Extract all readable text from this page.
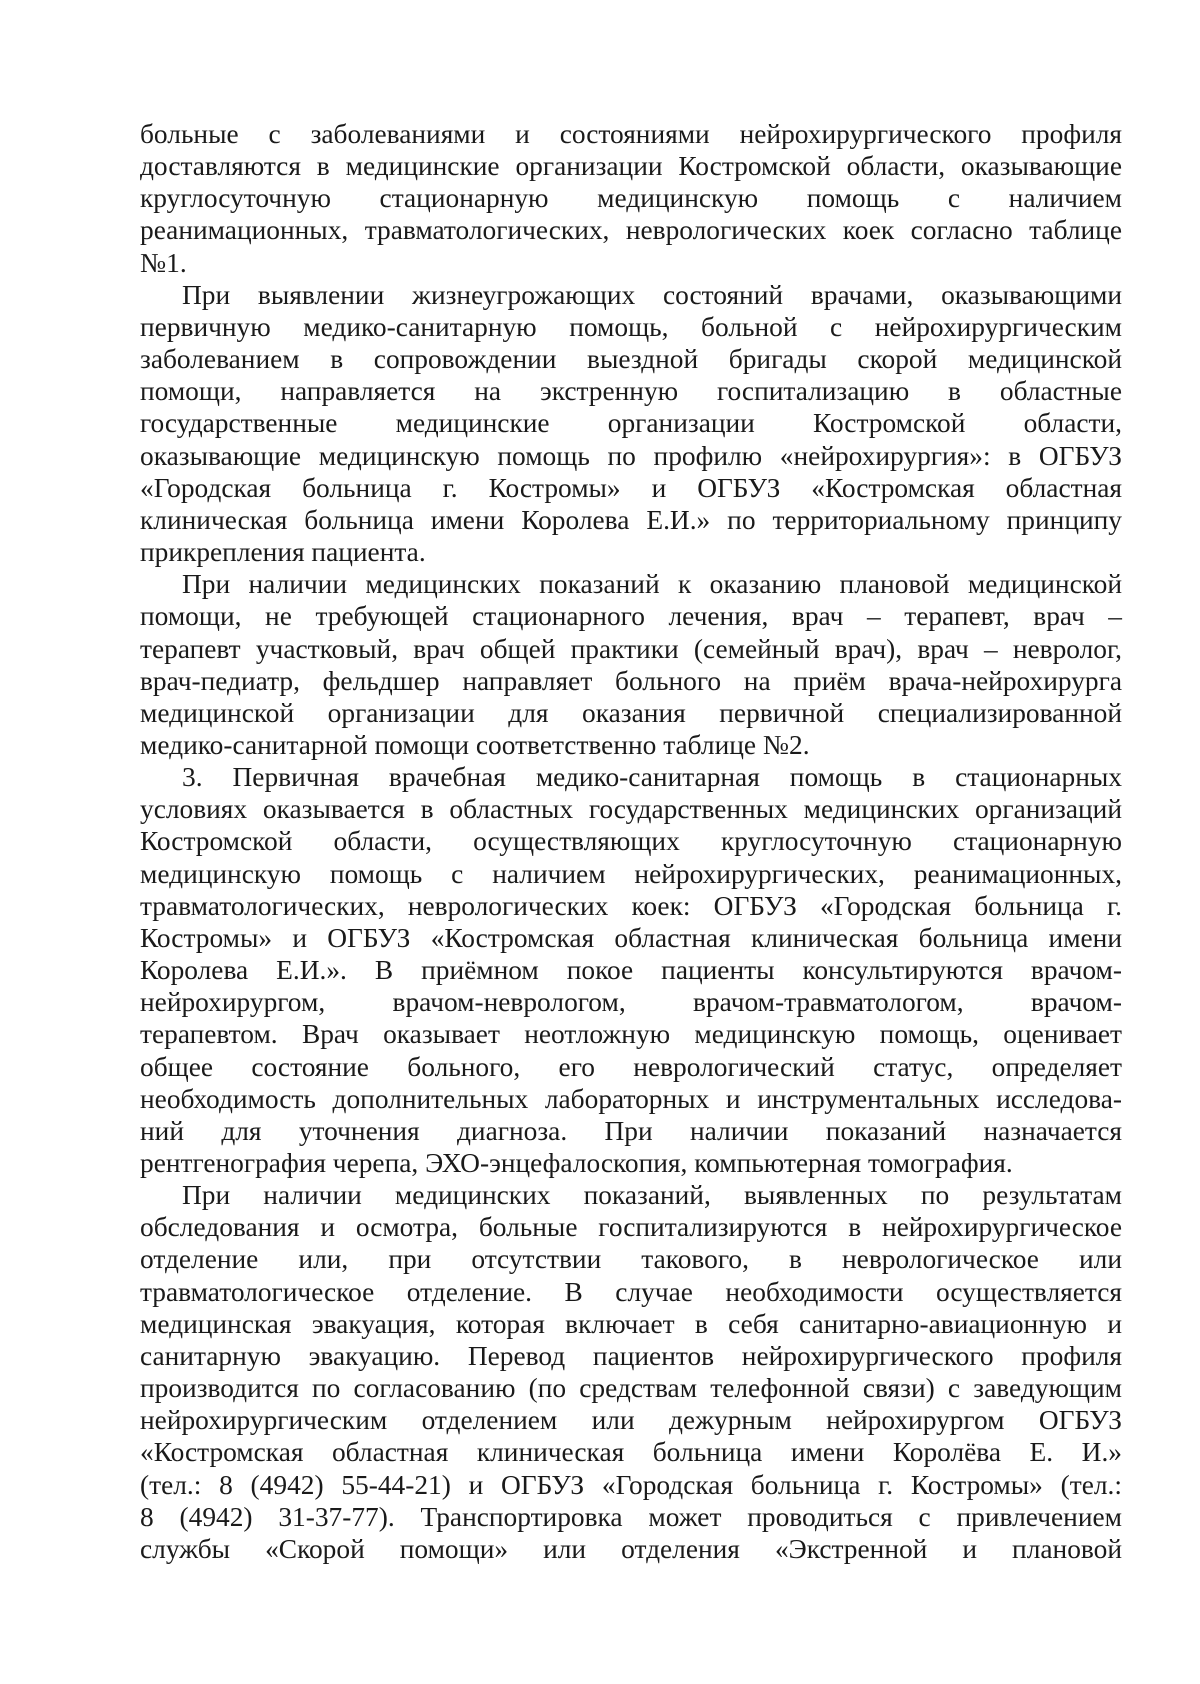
больные с заболеваниями и состояниями нейрохирургического профиля
доставляются в медицинские организации Костромской области, оказывающие
круглосуточную стационарную медицинскую помощь с наличием
реанимационных, травматологических, неврологических коек согласно таблице
№1.
При выявлении жизнеугрожающих состояний врачами, оказывающими
первичную медико-санитарную помощь, больной с нейрохирургическим
заболеванием в сопровождении выездной бригады скорой медицинской
помощи, направляется на экстренную госпитализацию в областные
государственные медицинские организации Костромской области,
оказывающие медицинскую помощь по профилю «нейрохирургия»: в ОГБУЗ
«Городская больница г. Костромы» и ОГБУЗ «Костромская областная
клиническая больница имени Королева Е.И.» по территориальному принципу
прикрепления пациента.
При наличии медицинских показаний к оказанию плановой медицинской
помощи, не требующей стационарного лечения, врач – терапевт, врач –
терапевт участковый, врач общей практики (семейный врач), врач – невролог,
врач-педиатр, фельдшер направляет больного на приём врача-нейрохирурга
медицинской организации для оказания первичной специализированной
медико-санитарной помощи соответственно таблице №2.
3. Первичная врачебная медико-санитарная помощь в стационарных
условиях оказывается в областных государственных медицинских организаций
Костромской области, осуществляющих круглосуточную стационарную
медицинскую помощь с наличием нейрохирургических, реанимационных,
травматологических, неврологических коек: ОГБУЗ «Городская больница г.
Костромы» и ОГБУЗ «Костромская областная клиническая больница имени
Королева Е.И.». В приёмном покое пациенты консультируются врачом-
нейрохирургом, врачом-неврологом, врачом-травматологом, врачом-
терапевтом. Врач оказывает неотложную медицинскую помощь, оценивает
общее состояние больного, его неврологический статус, определяет
необходимость дополнительных лабораторных и инструментальных исследова-
ний для уточнения диагноза. При наличии показаний назначается
рентгенография черепа, ЭХО-энцефалоскопия, компьютерная томография.
При наличии медицинских показаний, выявленных по результатам
обследования и осмотра, больные госпитализируются в нейрохирургическое
отделение или, при отсутствии такового, в неврологическое или
травматологическое отделение. В случае необходимости осуществляется
медицинская эвакуация, которая включает в себя санитарно-авиационную и
санитарную эвакуацию. Перевод пациентов нейрохирургического профиля
производится по согласованию (по средствам телефонной связи) с заведующим
нейрохирургическим отделением или дежурным нейрохирургом ОГБУЗ
«Костромская областная клиническая больница имени Королёва Е. И.»
(тел.: 8 (4942) 55-44-21) и ОГБУЗ «Городская больница г. Костромы» (тел.:
8 (4942) 31-37-77). Транспортировка может проводиться с привлечением
службы «Скорой помощи» или отделения «Экстренной и плановой
